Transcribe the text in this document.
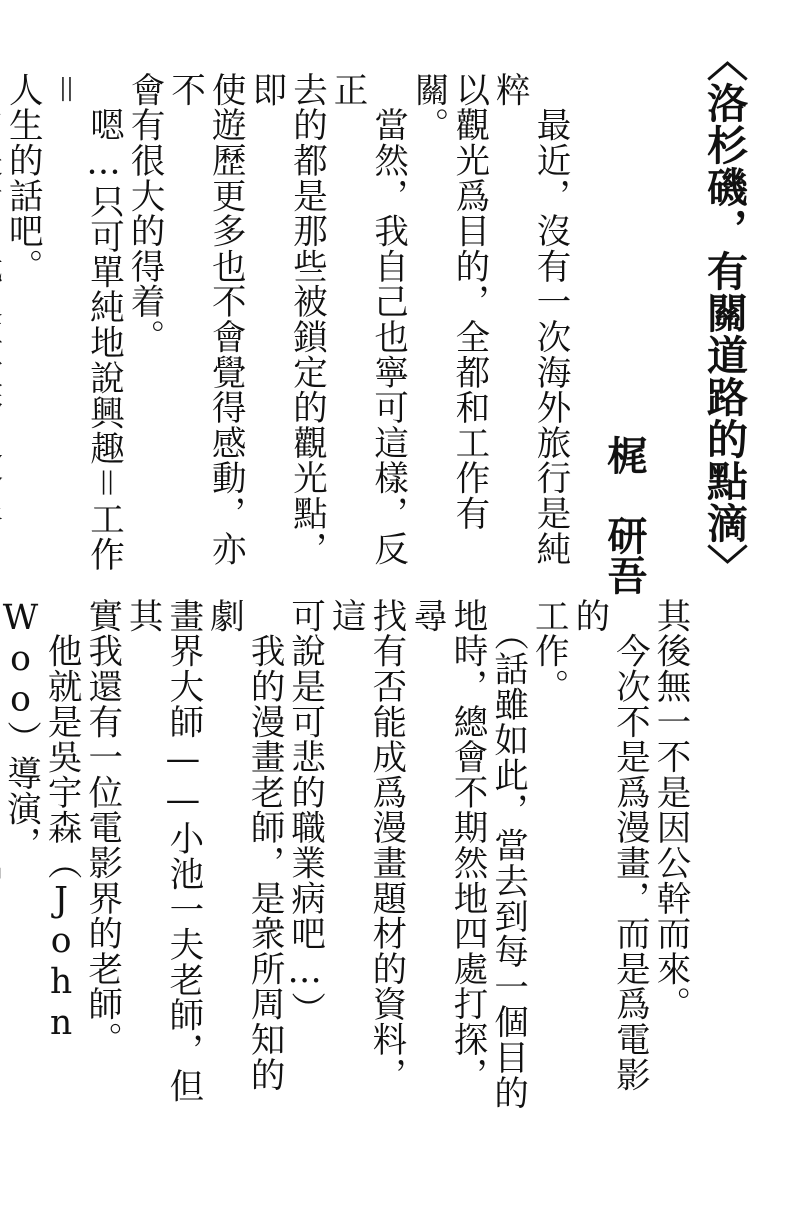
〈洛杉磯，有關道路的點滴〉
梶　研吾

　最近，沒有一次海外旅行是純粹

以觀光爲目的，全都和工作有關。

　當然，我自己也寧可這樣，反正

去的都是那些被鎖定的觀光點，即

使遊歷更多也不會覺得感動，亦不

會有很大的得着。

　嗯…只可單純地說興趣＝工作＝

人生的話吧。

其後無一不是因公幹而來。

　今次不是爲漫畫，而是爲電影的

工作。

　（話雖如此，當去到每一個目的

地時，總會不期然地四處打探，尋

找有否能成爲漫畫題材的資料，這

可說是可悲的職業病吧…）

　我的漫畫老師，是衆所周知的劇

畫界大師——小池一夫老師，但其

實我還有一位電影界的老師。

　他就是吳宇森（John Woo）導演，
